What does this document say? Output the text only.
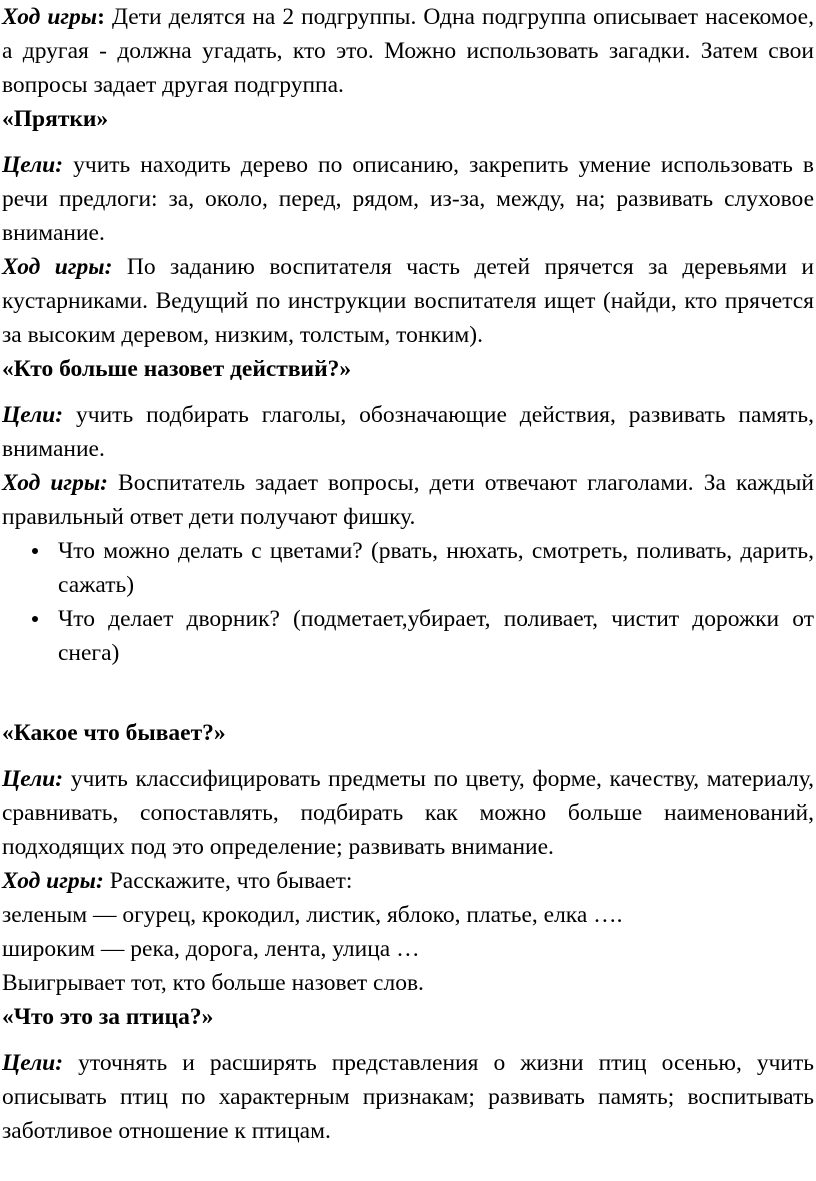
Ход игры: Дети делятся на 2 подгруппы. Одна подгруппа описывает насекомое, а другая - должна угадать, кто это. Можно использовать загадки. Затем свои вопросы задает другая подгруппа.

«Прятки»

Цели: учить находить дерево по описанию, закрепить умение использовать в речи предлоги: за, около, перед, рядом, из-за, между, на; развивать слуховое внимание.

Ход игры: По заданию воспитателя часть детей прячется за деревьями и кустарниками. Ведущий по инструкции воспитателя ищет (найди, кто прячется за высоким деревом, низким, толстым, тонким).

«Кто больше назовет действий?»

Цели: учить подбирать глаголы, обозначающие действия, развивать память, внимание.

Ход игры: Воспитатель задает вопросы, дети отвечают глаголами. За каждый правильный ответ дети получают фишку.

Что можно делать с цветами? (рвать, нюхать, смотреть, поливать, дарить, сажать)
Что делает дворник? (подметает,убирает, поливает, чистит дорожки от снега)

«Какое что бывает?»

Цели: учить классифицировать предметы по цвету, форме, качеству, материалу, сравнивать, сопоставлять, подбирать как можно больше наименований, подходящих под это определение; развивать внимание.

Ход игры: Расскажите, что бывает:

зеленым — огурец, крокодил, листик, яблоко, платье, елка ….

широким — река, дорога, лента, улица …

Выигрывает тот, кто больше назовет слов.

«Что это за птица?»

Цели: уточнять и расширять представления о жизни птиц осенью, учить описывать птиц по характерным признакам; развивать память; воспитывать заботливое отношение к птицам.
